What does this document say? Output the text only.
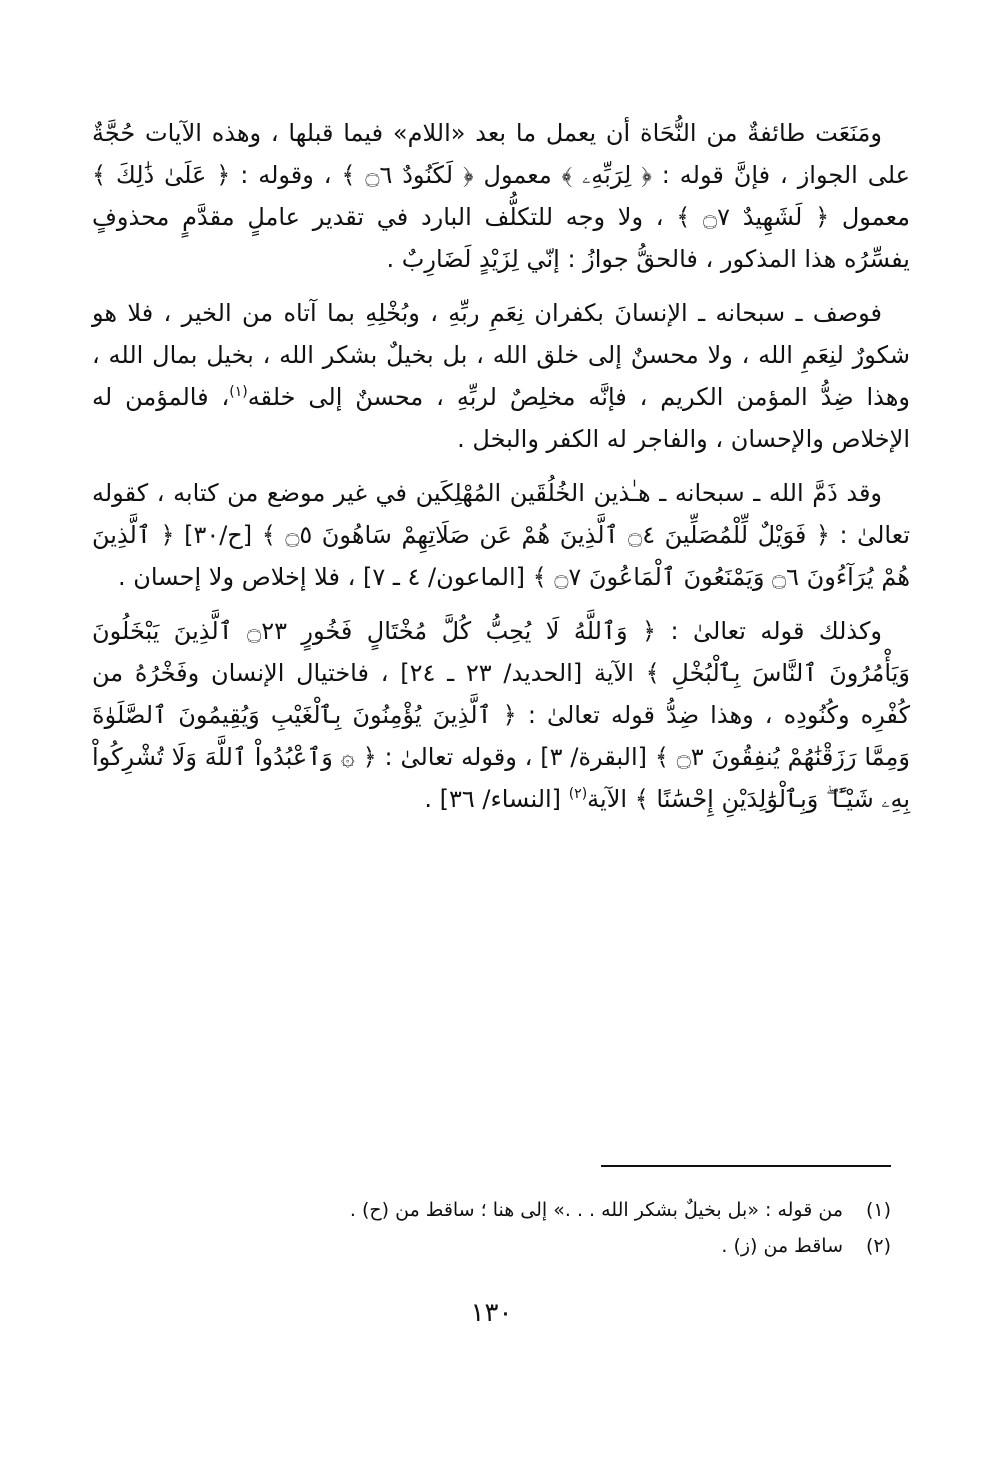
ومَنَعَت طائفةٌ من النُّحَاة أن يعمل ما بعد «اللام» فيما قبلها ، وهذه الآيات حُجَّةٌ على الجواز ، فإنَّ قوله : ﴿ لِرَبِّهِۦ ﴾ معمول ﴿ لَكَنُودٌ ۝٦ ﴾ ، وقوله : ﴿ عَلَىٰ ذَٰلِكَ ﴾ معمول ﴿ لَشَهِيدٌ ۝٧ ﴾ ، ولا وجه للتكلُّف البارد في تقدير عاملٍ مقدَّمٍ محذوفٍ يفسِّرُه هذا المذكور ، فالحقُّ جوازُ : إنّي لِزَيْدٍ لَضَارِبٌ .

فوصف ـ سبحانه ـ الإنسانَ بكفران نِعَمِ ربِّهِ ، وبُخْلِهِ بما آتاه من الخير ، فلا هو شكورٌ لنِعَمِ الله ، ولا محسنٌ إلى خلق الله ، بل بخيلٌ بشكر الله ، بخيل بمال الله ، وهذا ضِدُّ المؤمن الكريم ، فإنَّه مخلِصٌ لربِّهِ ، محسنٌ إلى خلقه$^{(١)}$، فالمؤمن له الإخلاص والإحسان ، والفاجر له الكفر والبخل .

وقد ذَمَّ الله ـ سبحانه ـ هـٰذين الخُلُقَين المُهْلِكَين في غير موضع من كتابه ، كقوله تعالىٰ : ﴿ فَوَيْلٌ لِّلْمُصَلِّينَ ۝٤ ٱلَّذِينَ هُمْ عَن صَلَاتِهِمْ سَاهُونَ ۝٥ ﴾ [ح/٣٠] ﴿ ٱلَّذِينَ هُمْ يُرَآءُونَ ۝٦ وَيَمْنَعُونَ ٱلْمَاعُونَ ۝٧ ﴾ [الماعون/ ٤ ـ ٧] ، فلا إخلاص ولا إحسان .

وكذلك قوله تعالىٰ : ﴿ وَٱللَّهُ لَا يُحِبُّ كُلَّ مُخْتَالٍ فَخُورٍ ۝٢٣ ٱلَّذِينَ يَبْخَلُونَ وَيَأْمُرُونَ ٱلنَّاسَ بِٱلْبُخْلِ ﴾ الآية [الحديد/ ٢٣ ـ ٢٤] ، فاختيال الإنسان وفَخْرُهُ من كُفْرِه وكُنُودِه ، وهذا ضِدُّ قوله تعالىٰ : ﴿ ٱلَّذِينَ يُؤْمِنُونَ بِٱلْغَيْبِ وَيُقِيمُونَ ٱلصَّلَوٰةَ وَمِمَّا رَزَقْنَٰهُمْ يُنفِقُونَ ۝٣ ﴾ [البقرة/ ٣] ، وقوله تعالىٰ : ﴿ ۞ وَٱعْبُدُواْ ٱللَّهَ وَلَا تُشْرِكُواْ بِهِۦ شَيْـًٔا ۖ وَبِٱلْوَٰلِدَيْنِ إِحْسَٰنًا ﴾ الآية$^{(٢)}$ [النساء/ ٣٦] .

(١)
من قوله : «بل بخيلٌ بشكر الله . . .» إلى هنا ؛ ساقط من (ح) .
(٢)
ساقط من (ز) .
١٣٠
